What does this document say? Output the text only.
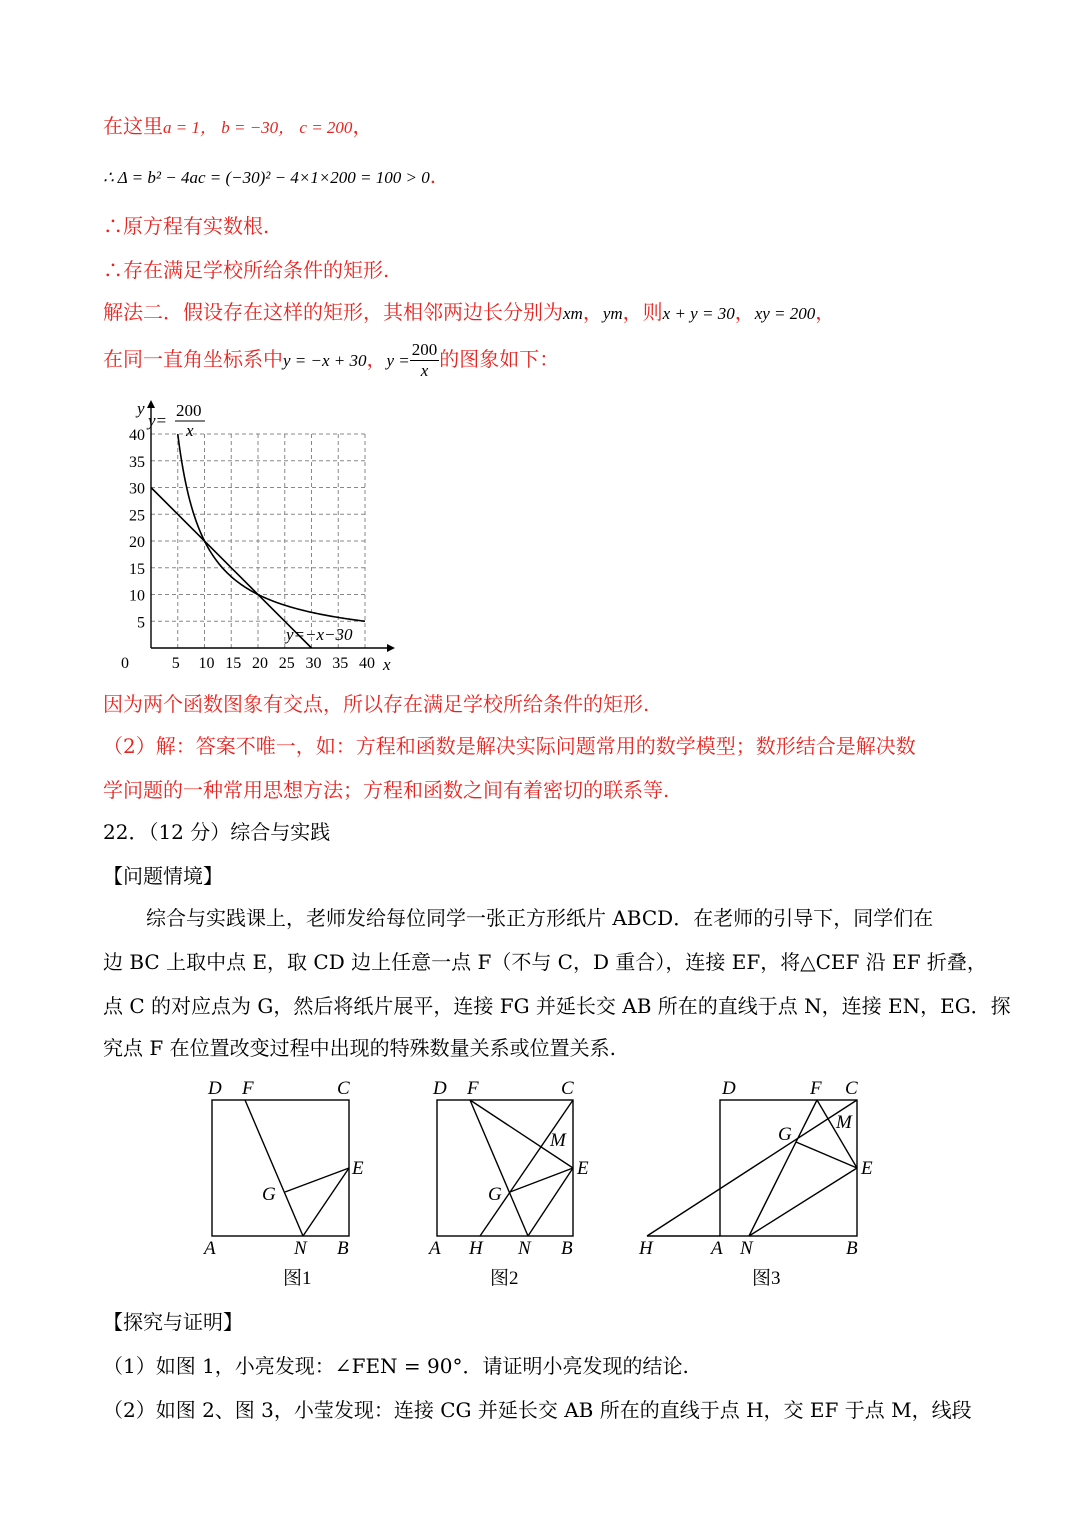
在这里a = 1， b = −30， c = 200，
∴ Δ = b² − 4ac = (−30)² − 4×1×200 = 100 > 0.
∴原方程有实数根.
∴存在满足学校所给条件的矩形.
解法二．假设存在这样的矩形，其相邻两边长分别为xm，ym，则x + y = 30，xy = 200，
在同一直角坐标系中y = −x + 30，$y = \frac{200}{x}$ 的图象如下：
0	5 10 15 20 25 30 35 40
5
10
15
20
25
30
35
40
x
y
y=
200
x
y=−x−30
因为两个函数图象有交点，所以存在满足学校所给条件的矩形.
（2）解：答案不唯一，如：方程和函数是解决实际问题常用的数学模型；数形结合是解决数
学问题的一种常用思想方法；方程和函数之间有着密切的联系等.
22．（12 分）综合与实践
【问题情境】
综合与实践课上，老师发给每位同学一张正方形纸片 ABCD．在老师的引导下，同学们在
边 BC 上取中点 E，取 CD 边上任意一点 F（不与 C，D 重合），连接 EF，将△CEF 沿 EF 折叠，
点 C 的对应点为 G，然后将纸片展平，连接 FG 并延长交 AB 所在的直线于点 N，连接 EN，EG．探
究点 F 在位置改变过程中出现的特殊数量关系或位置关系.
D F	C
E
G
A	N B
D F	C
M
E
G
A H N B
D	F C
G
M
E
H	A N	B
图1	图2	图3
【探究与证明】
（1）如图 1，小亮发现：∠FEN = 90°．请证明小亮发现的结论.
（2）如图 2、图 3，小莹发现：连接 CG 并延长交 AB 所在的直线于点 H，交 EF 于点 M，线段
